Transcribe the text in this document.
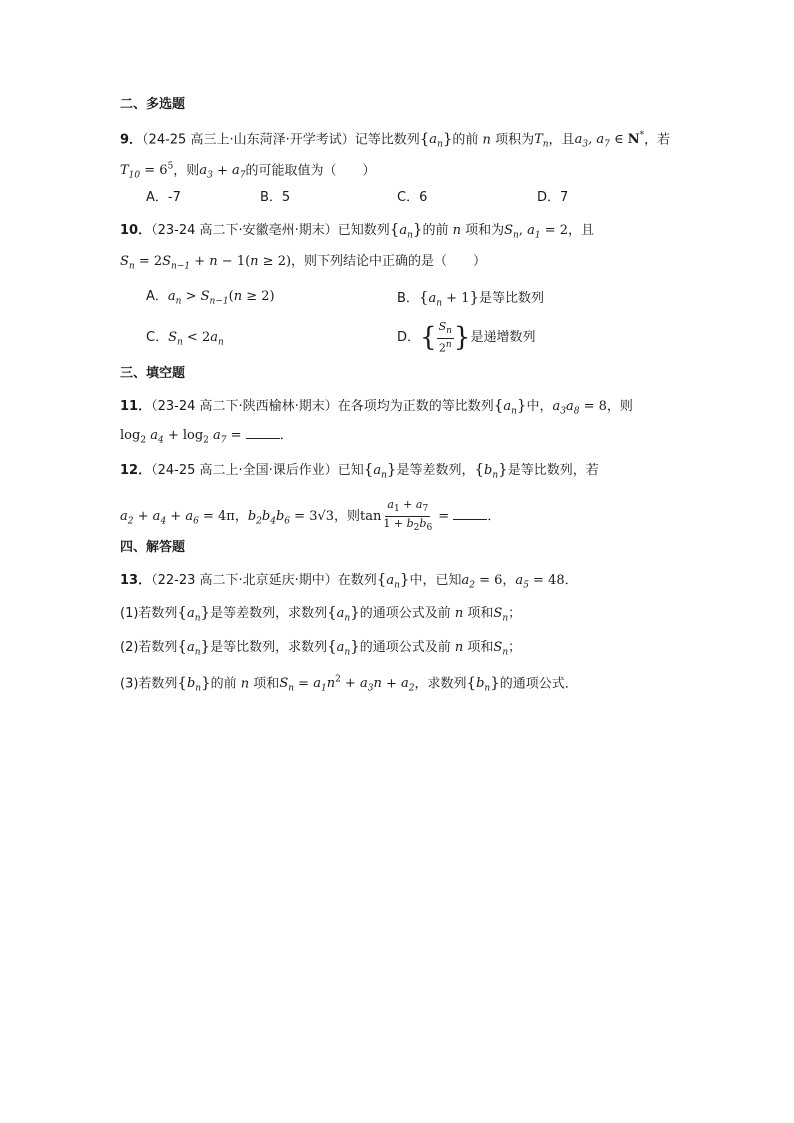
二、多选题
9．（24-25 高三上·山东菏泽·开学考试）记等比数列$\{a_n\}$的前 n 项积为$T_n$，且$a_3$, $a_7$ ∈ N*，若
$T_{10} = 6^5$，则$a_3 + a_7$的可能取值为（　　）
A．-7	B．5	C．6	D．7
10．（23-24 高二下·安徽亳州·期末）已知数列$\{a_n\}$的前 n 项和为$S_n$, $a_1 = 2$，且
$S_n = 2S_{n-1} + n - 1(n \ge 2)$，则下列结论中正确的是（　　）
A．$a_n > S_{n-1}(n \ge 2)$	B．$\{a_n + 1\}$是等比数列
C．$S_n < 2a_n$	D．{ $\frac{S_n}{2^n}$ }是递增数列
三、填空题
11．（23-24 高二下·陕西榆林·期末）在各项均为正数的等比数列$\{a_n\}$中，$a_3a_8 = 8$，则
$\log_2 a_4 + \log_2 a_7$ =	．
12．（24-25 高二上·全国·课后作业）已知$\{a_n\}$是等差数列，$\{b_n\}$是等比数列，若
$a_2 + a_4 + a_6 = 4\pi$，$b_2b_4b_6 = 3√3$，则$\tan \frac{a_1 + a_7}{1 + b_2b_6}$ =	．
四、解答题
13．（22-23 高二下·北京延庆·期中）在数列$\{a_n\}$中，已知$a_2 = 6$，$a_5 = 48$．
(1)若数列$\{a_n\}$是等差数列，求数列$\{a_n\}$的通项公式及前 n 项和$S_n$；
(2)若数列$\{a_n\}$是等比数列，求数列$\{a_n\}$的通项公式及前 n 项和$S_n$；
(3)若数列$\{b_n\}$的前 n 项和$S_n = a_1n^2 + a_3n + a_2$，求数列$\{b_n\}$的通项公式．
